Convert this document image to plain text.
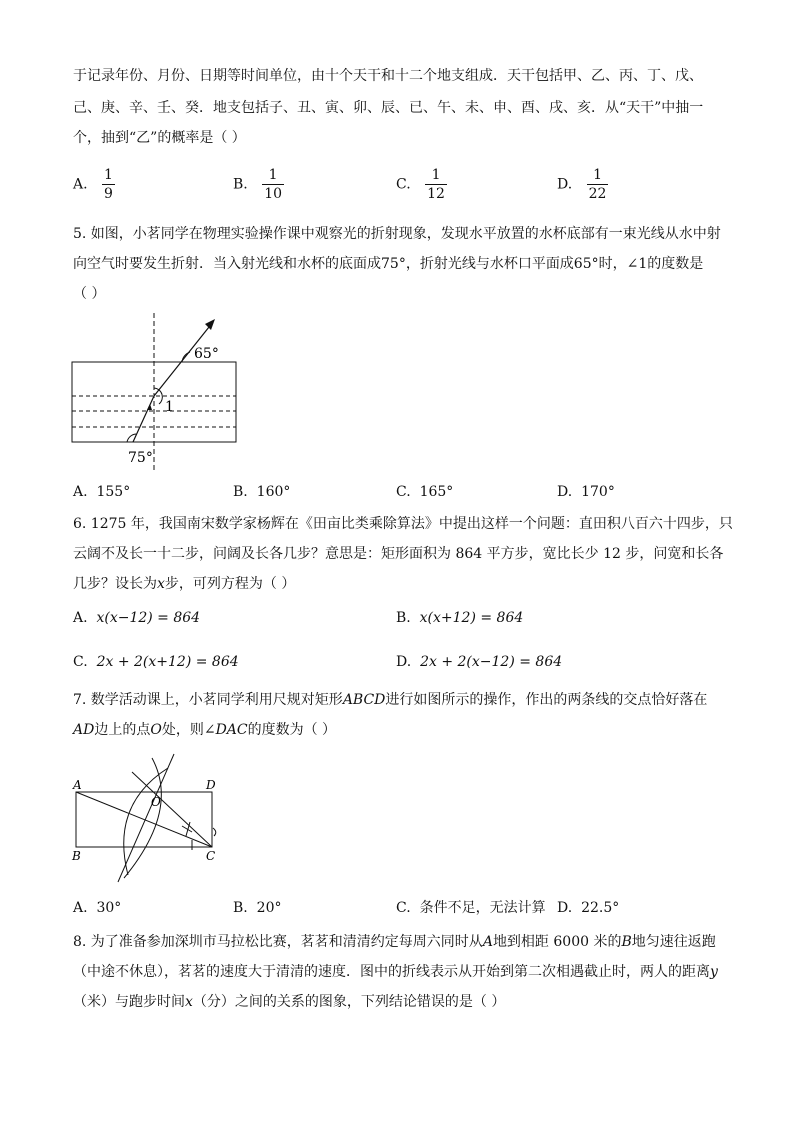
于记录年份、月份、日期等时间单位，由十个天干和十二个地支组成．天干包括甲、乙、丙、丁、戊、
己、庚、辛、壬、癸．地支包括子、丑、寅、卯、辰、已、午、未、申、酉、戌、亥．从“天干”中抽一
个，抽到“乙”的概率是（ ）
A. $\frac{1}{9}$	B. $\frac{1}{10}$	C. $\frac{1}{12}$	D. $\frac{1}{22}$
5. 如图，小茗同学在物理实验操作课中观察光的折射现象，发现水平放置的水杯底部有一束光线从水中射
向空气时要发生折射．当入射光线和水杯的底面成75°，折射光线与水杯口平面成65°时，∠1的度数是
（ ）
65°
1
75°
A. 155°	B. 160°	C. 165°	D. 170°
6. 1275 年，我国南宋数学家杨辉在《田亩比类乘除算法》中提出这样一个问题：直田积八百六十四步，只
云阔不及长一十二步，问阔及长各几步？意思是：矩形面积为 864 平方步，宽比长少 12 步，问宽和长各
几步？设长为x步，可列方程为（ ）
A. x(x−12) = 864	B. x(x+12) = 864
C. 2x + 2(x+12) = 864	D. 2x + 2(x−12) = 864
7. 数学活动课上，小茗同学利用尺规对矩形ABCD进行如图所示的操作，作出的两条线的交点恰好落在
AD边上的点O处，则∠DAC的度数为（ ）
A	D
B	C
O
A. 30°	B. 20°	C. 条件不足，无法计算 D. 22.5°
8. 为了准备参加深圳市马拉松比赛，茗茗和清清约定每周六同时从A地到相距 6000 米的B地匀速往返跑
（中途不休息），茗茗的速度大于清清的速度．图中的折线表示从开始到第二次相遇截止时，两人的距离y
（米）与跑步时间x（分）之间的关系的图象，下列结论错误的是（ ）
